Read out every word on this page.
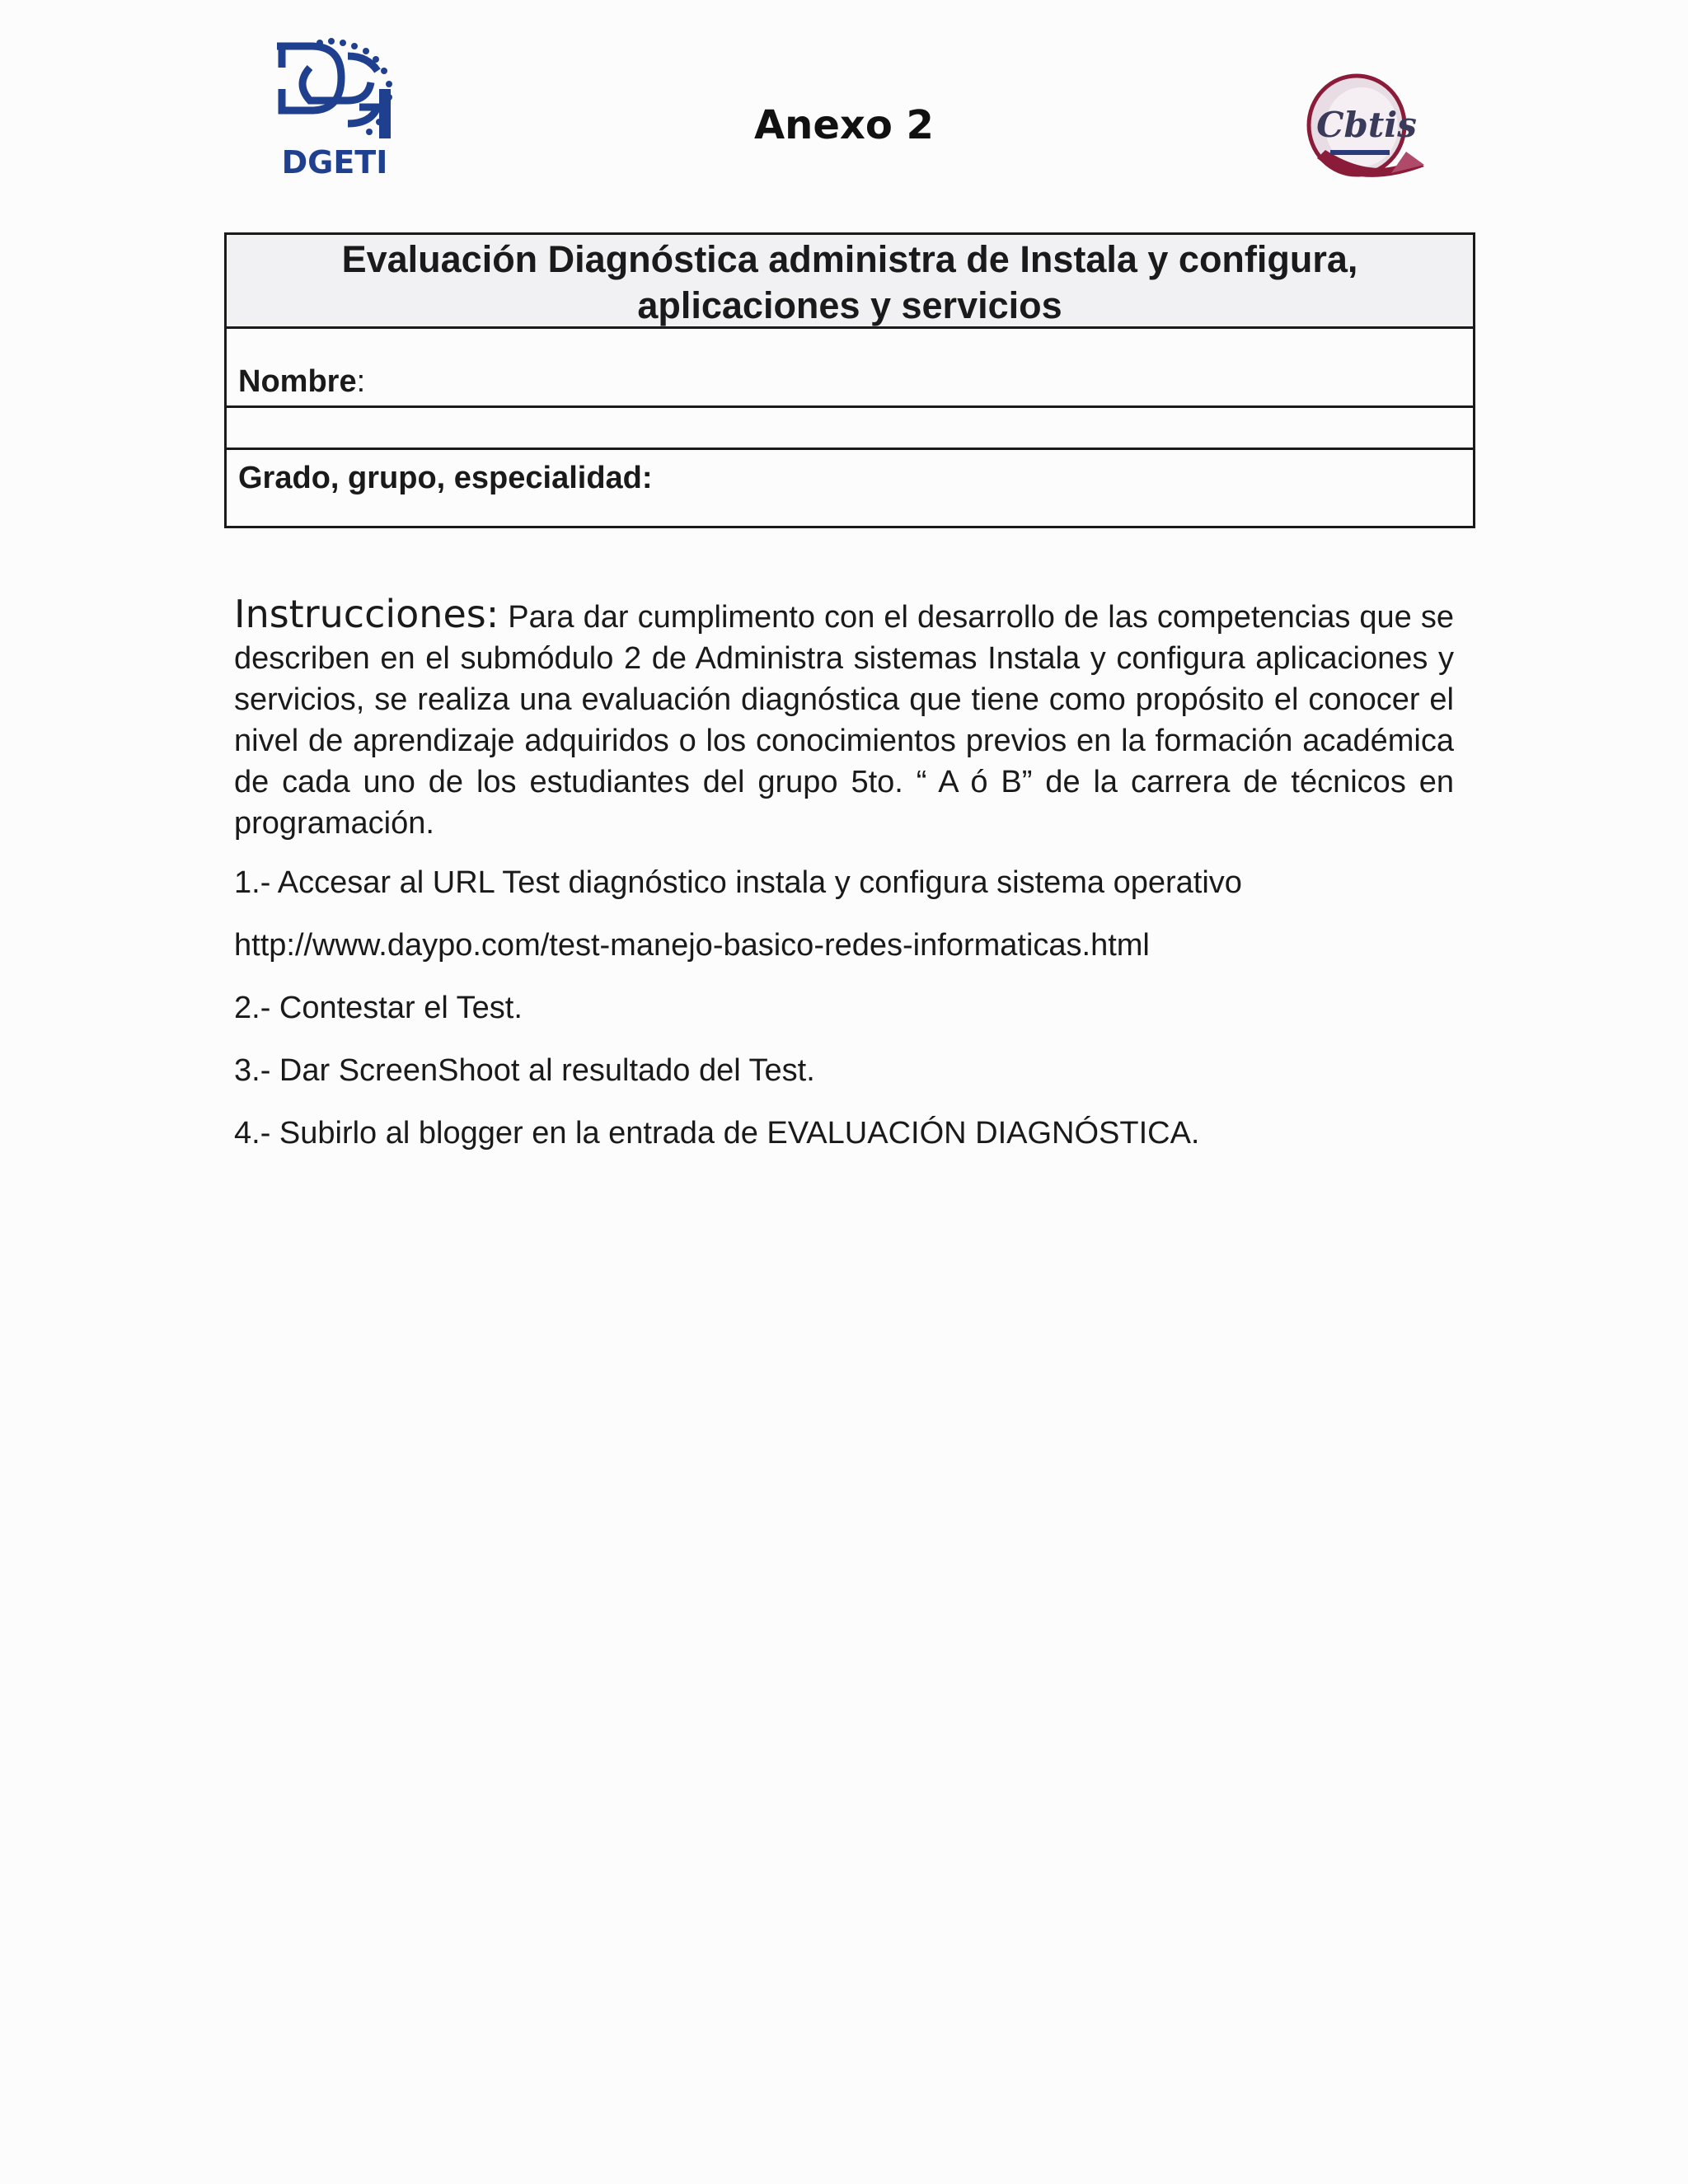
DGETI
Anexo 2	Cbtis
Evaluación Diagnóstica administra de Instala y configura,
aplicaciones y servicios
Nombre:
Grado, grupo, especialidad:

Instrucciones: Para dar cumplimento con el desarrollo de las competencias que se describen en el submódulo 2 de Administra sistemas Instala y configura aplicaciones y servicios, se realiza una evaluación diagnóstica que tiene como propósito el conocer el nivel de aprendizaje adquiridos o los conocimientos previos en la formación académica de cada uno de los estudiantes del grupo 5to. “ A ó B” de la carrera de técnicos en programación.

1.- Accesar al URL Test diagnóstico instala y configura sistema operativo

http://www.daypo.com/test-manejo-basico-redes-informaticas.html

2.- Contestar el Test.

3.- Dar ScreenShoot al resultado del Test.

4.- Subirlo al blogger en la entrada de EVALUACIÓN DIAGNÓSTICA.
